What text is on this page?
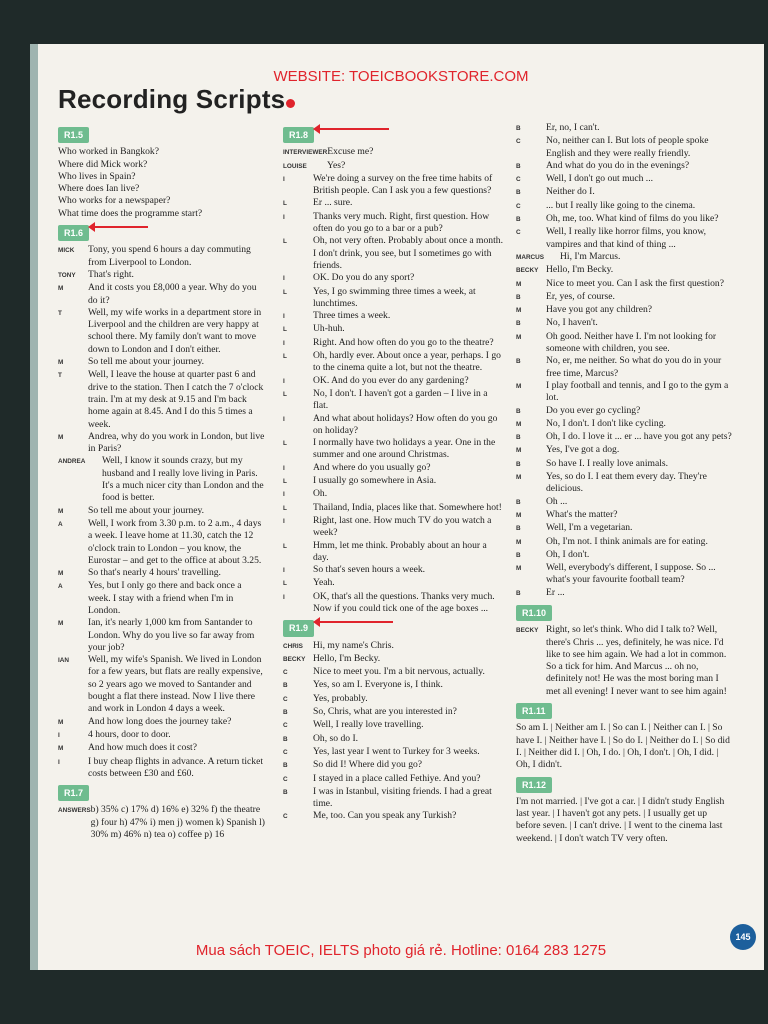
WEBSITE: TOEICBOOKSTORE.COM
Recording Scripts
R1.5
Who worked in Bangkok?
Where did Mick work?
Who lives in Spain?
Where does Ian live?
Who works for a newspaper?
What time does the programme start?
R1.6
MICK	Tony, you spend 6 hours a day commuting from Liverpool to London.
TONY	That's right.
M	And it costs you £8,000 a year. Why do you do it?
T	Well, my wife works in a department store in Liverpool and the children are very happy at school there. My family don't want to move down to London and I don't either.
M	So tell me about your journey.
T	Well, I leave the house at quarter past 6 and drive to the station. Then I catch the 7 o'clock train. I'm at my desk at 9.15 and I'm back home again at 8.45. And I do this 5 times a week.
M	Andrea, why do you work in London, but live in Paris?
ANDREA	Well, I know it sounds crazy, but my husband and I really love living in Paris. It's a much nicer city than London and the food is better.
M	So tell me about your journey.
A	Well, I work from 3.30 p.m. to 2 a.m., 4 days a week. I leave home at 11.30, catch the 12 o'clock train to London – you know, the Eurostar – and get to the office at about 3.25.
M	So that's nearly 4 hours' travelling.
A	Yes, but I only go there and back once a week. I stay with a friend when I'm in London.
M	Ian, it's nearly 1,000 km from Santander to London. Why do you live so far away from your job?
IAN	Well, my wife's Spanish. We lived in London for a few years, but flats are really expensive, so 2 years ago we moved to Santander and bought a flat there instead. Now I live there and work in London 4 days a week.
M	And how long does the journey take?
I	4 hours, door to door.
M	And how much does it cost?
I	I buy cheap flights in advance. A return ticket costs between £30 and £60.
R1.7
ANSWERS b) 35% c) 17% d) 16% e) 32% f) the theatre g) four h) 47% i) men j) women k) Spanish l) 30% m) 46% n) tea o) coffee p) 16
R1.8
INTERVIEWER Excuse me?
LOUISE	Yes?
I	We're doing a survey on the free time habits of British people. Can I ask you a few questions?
L	Er ... sure.
I	Thanks very much. Right, first question. How often do you go to a bar or a pub?
L	Oh, not very often. Probably about once a month. I don't drink, you see, but I sometimes go with friends.
I	OK. Do you do any sport?
L	Yes, I go swimming three times a week, at lunchtimes.
I	Three times a week.
L	Uh-huh.
I	Right. And how often do you go to the theatre?
L	Oh, hardly ever. About once a year, perhaps. I go to the cinema quite a lot, but not the theatre.
I	OK. And do you ever do any gardening?
L	No, I don't. I haven't got a garden – I live in a flat.
I	And what about holidays? How often do you go on holiday?
L	I normally have two holidays a year. One in the summer and one around Christmas.
I	And where do you usually go?
L	I usually go somewhere in Asia.
I	Oh.
L	Thailand, India, places like that. Somewhere hot!
I	Right, last one. How much TV do you watch a week?
L	Hmm, let me think. Probably about an hour a day.
I	So that's seven hours a week.
L	Yeah.
I	OK, that's all the questions. Thanks very much. Now if you could tick one of the age boxes ...
R1.9
CHRIS	Hi, my name's Chris.
BECKY Hello, I'm Becky.
C	Nice to meet you. I'm a bit nervous, actually.
B	Yes, so am I. Everyone is, I think.
C	Yes, probably.
B	So, Chris, what are you interested in?
C	Well, I really love travelling.
B	Oh, so do I.
C	Yes, last year I went to Turkey for 3 weeks.
B	So did I! Where did you go?
C	I stayed in a place called Fethiye. And you?
B	I was in Istanbul, visiting friends. I had a great time.
C	Me, too. Can you speak any Turkish?
B	Er, no, I can't.
C	No, neither can I. But lots of people spoke English and they were really friendly.
B	And what do you do in the evenings?
C	Well, I don't go out much ...
B	Neither do I.
C	... but I really like going to the cinema.
B	Oh, me, too. What kind of films do you like?
C	Well, I really like horror films, you know, vampires and that kind of thing ...
MARCUS	Hi, I'm Marcus.
BECKY Hello, I'm Becky.
M	Nice to meet you. Can I ask the first question?
B	Er, yes, of course.
M	Have you got any children?
B	No, I haven't.
M	Oh good. Neither have I. I'm not looking for someone with children, you see.
B	No, er, me neither. So what do you do in your free time, Marcus?
M	I play football and tennis, and I go to the gym a lot.
B	Do you ever go cycling?
M	No, I don't. I don't like cycling.
B	Oh, I do. I love it ... er ... have you got any pets?
M	Yes, I've got a dog.
B	So have I. I really love animals.
M	Yes, so do I. I eat them every day. They're delicious.
B	Oh ...
M	What's the matter?
B	Well, I'm a vegetarian.
M	Oh, I'm not. I think animals are for eating.
B	Oh, I don't.
M	Well, everybody's different, I suppose. So ... what's your favourite football team?
B	Er ...
R1.10
BECKY Right, so let's think. Who did I talk to? Well, there's Chris ... yes, definitely, he was nice. I'd like to see him again. We had a lot in common. So a tick for him. And Marcus ... oh no, definitely not! He was the most boring man I met all evening! I never want to see him again!
R1.11

So am I. | Neither am I. | So can I. | Neither can I. | So have I. | Neither have I. | So do I. | Neither do I. | So did I. | Neither did I. | Oh, I do. | Oh, I don't. | Oh, I did. | Oh, I didn't.

R1.12

I'm not married. | I've got a car. | I didn't study English last year. | I haven't got any pets. | I usually get up before seven. | I can't drive. | I went to the cinema last weekend. | I don't watch TV very often.

Mua sách TOEIC, IELTS photo giá rẻ. Hotline: 0164 283 1275
145
